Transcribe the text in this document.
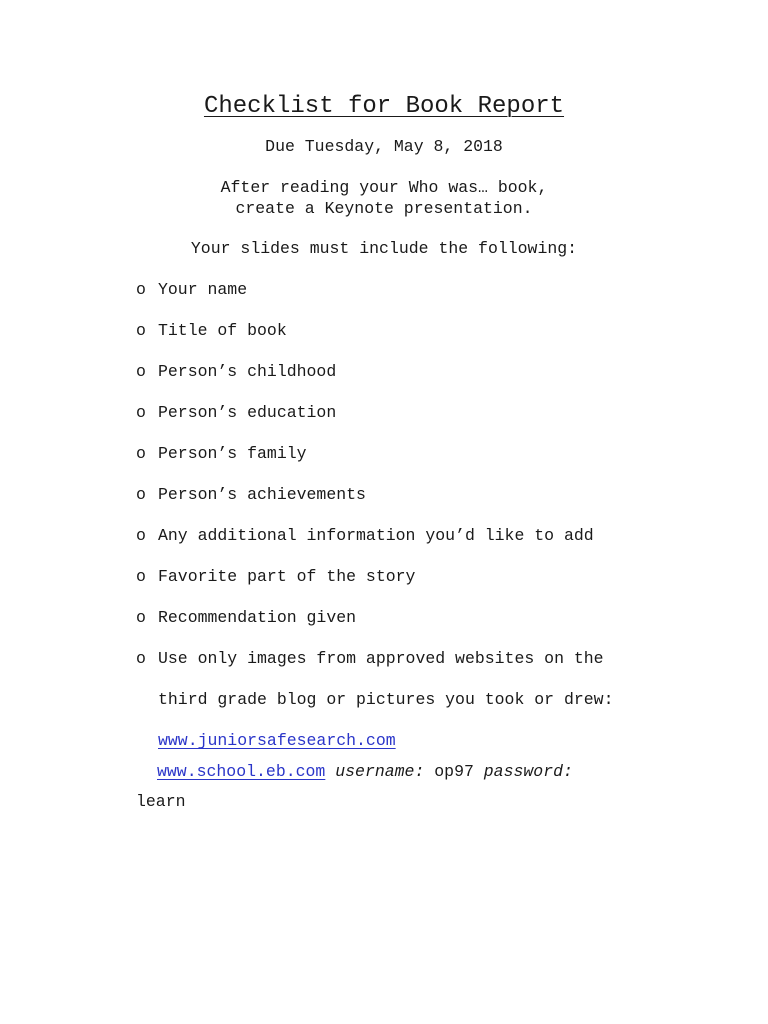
Checklist for Book Report
Due Tuesday, May 8, 2018
After reading your Who was… book,
create a Keynote presentation.
Your slides must include the following:
o Your name
o Title of book
o Person’s childhood
o Person’s education
o Person’s family
o Person’s achievements
o Any additional information you’d like to add
o Favorite part of the story
o Recommendation given
o Use only images from approved websites on the
third grade blog or pictures you took or drew:
www.juniorsafesearch.com
www.school.eb.com username: op97 password:
learn
